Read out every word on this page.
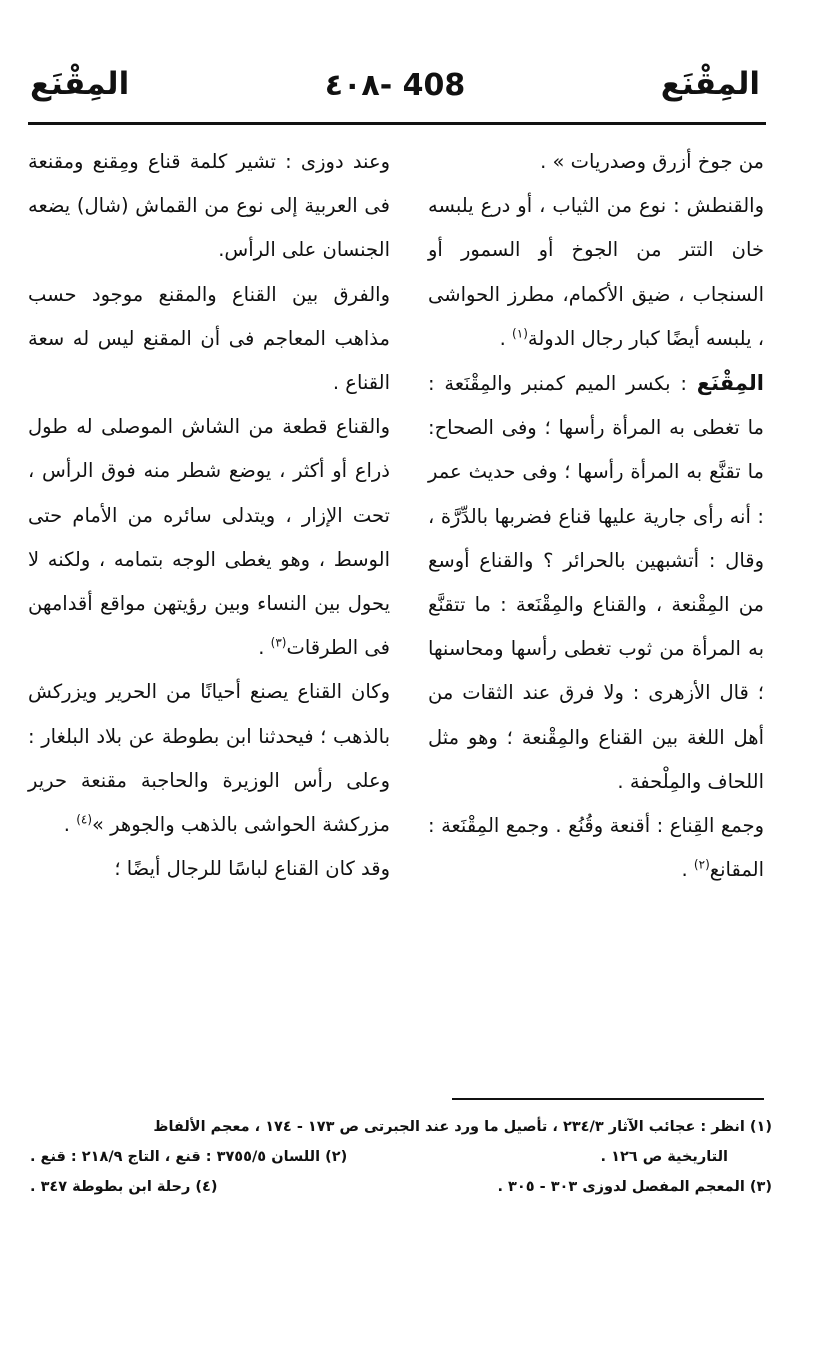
المِقْنَع
٤٠٨- 408
المِقْنَع

من جوخ أزرق وصدريات » .

والقنطش : نوع من الثياب ، أو درع يلبسه خان التتر من الجوخ أو السمور أو السنجاب ، ضيق الأكمام، مطرز الحواشى ، يلبسه أيضًا كبار رجال الدولة$^{(١)}$ .

المِقْنَع : بكسر الميم كمنبر والمِقْنَعة : ما تغطى به المرأة رأسها ؛ وفى الصحاح: ما تقنَّع به المرأة رأسها ؛ وفى حديث عمر : أنه رأى جارية عليها قناع فضربها بالدِّرَّة ، وقال : أتشبهين بالحرائر ؟ والقناع أوسع من المِقْنعة ، والقناع والمِقْنَعة : ما تتقنَّع به المرأة من ثوب تغطى رأسها ومحاسنها ؛ قال الأزهرى : ولا فرق عند الثقات من أهل اللغة بين القناع والمِقْنعة ؛ وهو مثل اللحاف والمِلْحفة .

وجمع القِناع : أقنعة وقُنُع . وجمع المِقْنَعة : المقانع$^{(٢)}$ .

وعند دوزى : تشير كلمة قناع ومِقنع ومقنعة فى العربية إلى نوع من القماش (شال) يضعه الجنسان على الرأس.

والفرق بين القناع والمقنع موجود حسب مذاهب المعاجم فى أن المقنع ليس له سعة القناع .

والقناع قطعة من الشاش الموصلى له طول ذراع أو أكثر ، يوضع شطر منه فوق الرأس ، تحت الإزار ، ويتدلى سائره من الأمام حتى الوسط ، وهو يغطى الوجه بتمامه ، ولكنه لا يحول بين النساء وبين رؤيتهن مواقع أقدامهن فى الطرقات$^{(٣)}$ .

وكان القناع يصنع أحيانًا من الحرير ويزركش بالذهب ؛ فيحدثنا ابن بطوطة عن بلاد البلغار : وعلى رأس الوزيرة والحاجبة مقنعة حرير مزركشة الحواشى بالذهب والجوهر »$^{(٤)}$ .

وقد كان القناع لباسًا للرجال أيضًا ؛

(١) انظر : عجائب الآثار ٢٣٤/٣ ، تأصيل ما ورد عند الجبرتى ص ١٧٣ - ١٧٤ ، معجم الألفاظ
التاريخية ص ١٢٦ .
(٢) اللسان ٣٧٥٥/٥ : قنع ، التاج ٢١٨/٩ : قنع .
(٣) المعجم المفصل لدوزى ٣٠٣ - ٣٠٥ .
(٤) رحلة ابن بطوطة ٣٤٧ .
